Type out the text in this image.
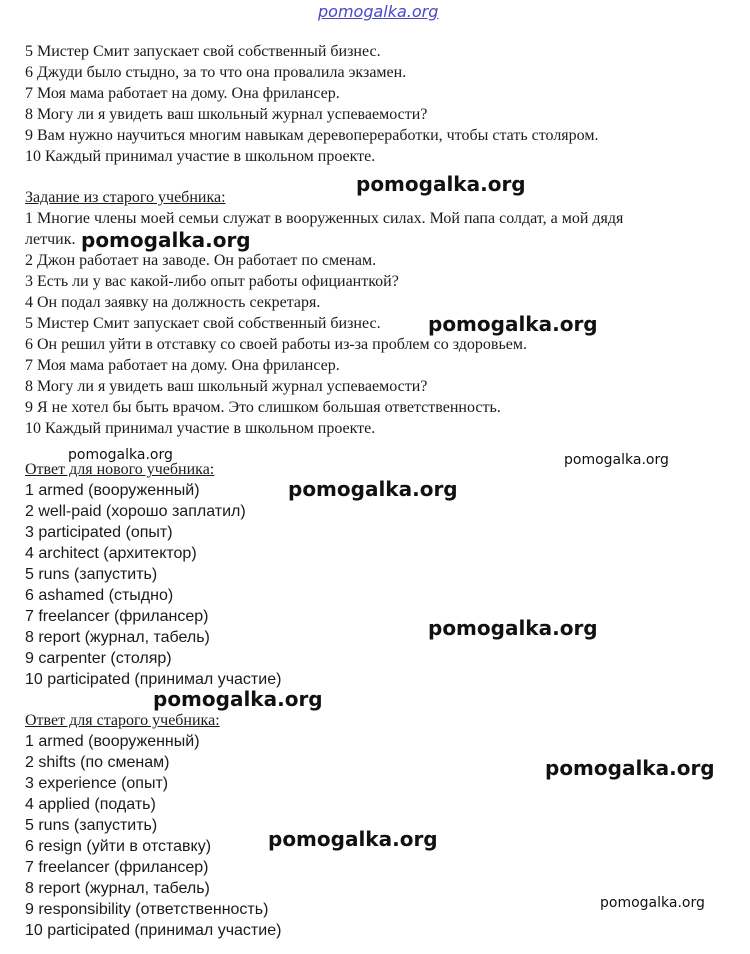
pomogalka.org
5 Мистер Смит запускает свой собственный бизнес.
6 Джуди было стыдно, за то что она провалила экзамен.
7 Моя мама работает на дому. Она фрилансер.
8 Могу ли я увидеть ваш школьный журнал успеваемости?
9 Вам нужно научиться многим навыкам деревопереработки, чтобы стать столяром.
10 Каждый принимал участие в школьном проекте.
Задание из старого учебника:
1 Многие члены моей семьи служат в вооруженных силах. Мой папа солдат, а мой дядя
летчик.
2 Джон работает на заводе. Он работает по сменам.
3 Есть ли у вас какой-либо опыт работы официанткой?
4 Он подал заявку на должность секретаря.
5 Мистер Смит запускает свой собственный бизнес.
6 Он решил уйти в отставку со своей работы из-за проблем со здоровьем.
7 Моя мама работает на дому. Она фрилансер.
8 Могу ли я увидеть ваш школьный журнал успеваемости?
9 Я не хотел бы быть врачом. Это слишком большая ответственность.
10 Каждый принимал участие в школьном проекте.
Ответ для нового учебника:
1 armed (вооруженный)
2 well-paid (хорошо заплатил)
3 participated (опыт)
4 architect (архитектор)
5 runs (запустить)
6 ashamed (стыдно)
7 freelancer (фрилансер)
8 report (журнал, табель)
9 carpenter (столяр)
10 participated (принимал участие)
Ответ для старого учебника:
1 armed (вооруженный)
2 shifts (по сменам)
3 experience (опыт)
4 applied (подать)
5 runs (запустить)
6 resign (уйти в отставку)
7 freelancer (фрилансер)
8 report (журнал, табель)
9 responsibility (ответственность)
10 participated (принимал участие)
pomogalka.org
pomogalka.org
pomogalka.org
pomogalka.org	pomogalka.org
pomogalka.org
pomogalka.org
pomogalka.org
pomogalka.org
pomogalka.org
pomogalka.org
